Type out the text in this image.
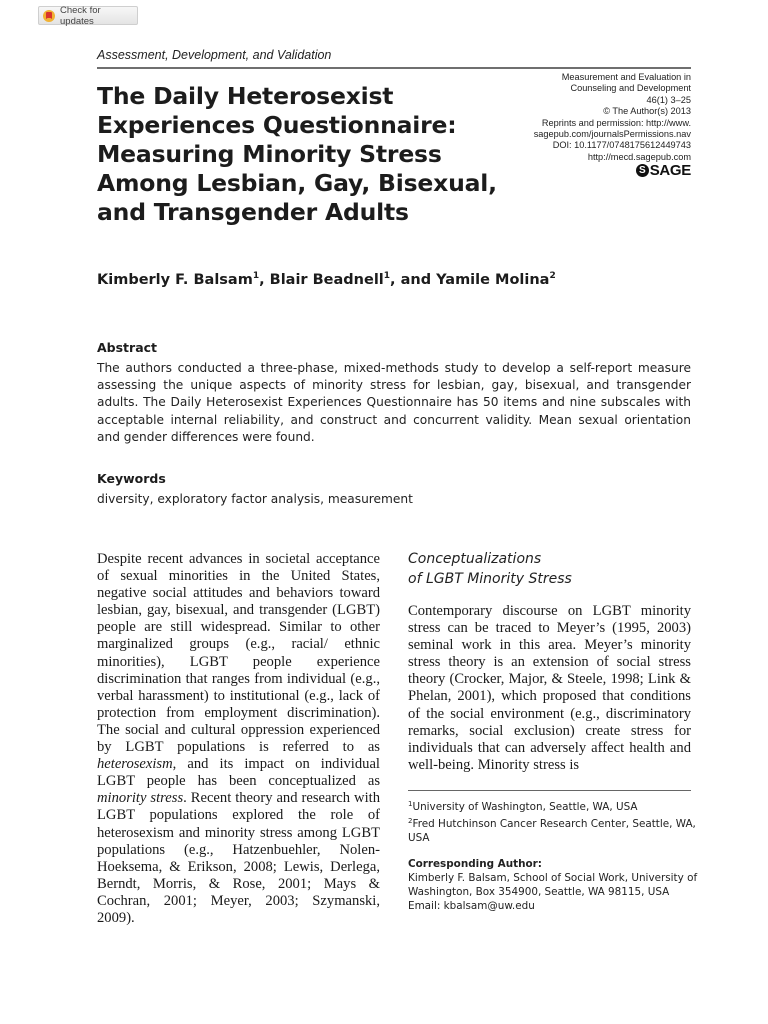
Check for updates
Assessment, Development, and Validation
Measurement and Evaluation in
Counseling and Development
46(1) 3–25
© The Author(s) 2013
Reprints and permission: http://www.
sagepub.com/journalsPermissions.nav
DOI: 10.1177/0748175612449743
http://mecd.sagepub.com
S SAGE
The Daily Heterosexist
Experiences Questionnaire:
Measuring Minority Stress
Among Lesbian, Gay, Bisexual,
and Transgender Adults
Kimberly F. Balsam$^1$, Blair Beadnell$^1$, and Yamile Molina$^2$
Abstract
The authors conducted a three-phase, mixed-methods study to develop a self-report measure assessing the unique aspects of minority stress for lesbian, gay, bisexual, and transgender adults. The Daily Heterosexist Experiences Questionnaire has 50 items and nine subscales with acceptable internal reliability, and construct and concurrent validity. Mean sexual orientation and gender differences were found.
Keywords
diversity, exploratory factor analysis, measurement
Despite recent advances in societal acceptance of sexual minorities in the United States, negative social attitudes and behaviors toward lesbian, gay, bisexual, and transgender (LGBT) people are still widespread. Similar to other marginalized groups (e.g., racial/ ethnic minorities), LGBT people experience discrimination that ranges from individual (e.g., verbal harassment) to institutional (e.g., lack of protection from employment discrimination). The social and cultural oppression experienced by LGBT populations is referred to as heterosexism, and its impact on individual LGBT people has been conceptualized as minority stress. Recent theory and research with LGBT populations explored the role of heterosexism and minority stress among LGBT populations (e.g., Hatzenbuehler, Nolen-Hoeksema, & Erikson, 2008; Lewis, Derlega, Berndt, Morris, & Rose, 2001; Mays & Cochran, 2001; Meyer, 2003; Szymanski, 2009).
Conceptualizations
of LGBT Minority Stress
Contemporary discourse on LGBT minority stress can be traced to Meyer’s (1995, 2003) seminal work in this area. Meyer’s minority stress theory is an extension of social stress theory (Crocker, Major, & Steele, 1998; Link & Phelan, 2001), which proposed that conditions of the social environment (e.g., discriminatory remarks, social exclusion) create stress for individuals that can adversely affect health and well-being. Minority stress is
$^1$University of Washington, Seattle, WA, USA
$^2$Fred Hutchinson Cancer Research Center, Seattle, WA, USA
Corresponding Author:
Kimberly F. Balsam, School of Social Work, University of
Washington, Box 354900, Seattle, WA 98115, USA
Email: kbalsam@uw.edu
